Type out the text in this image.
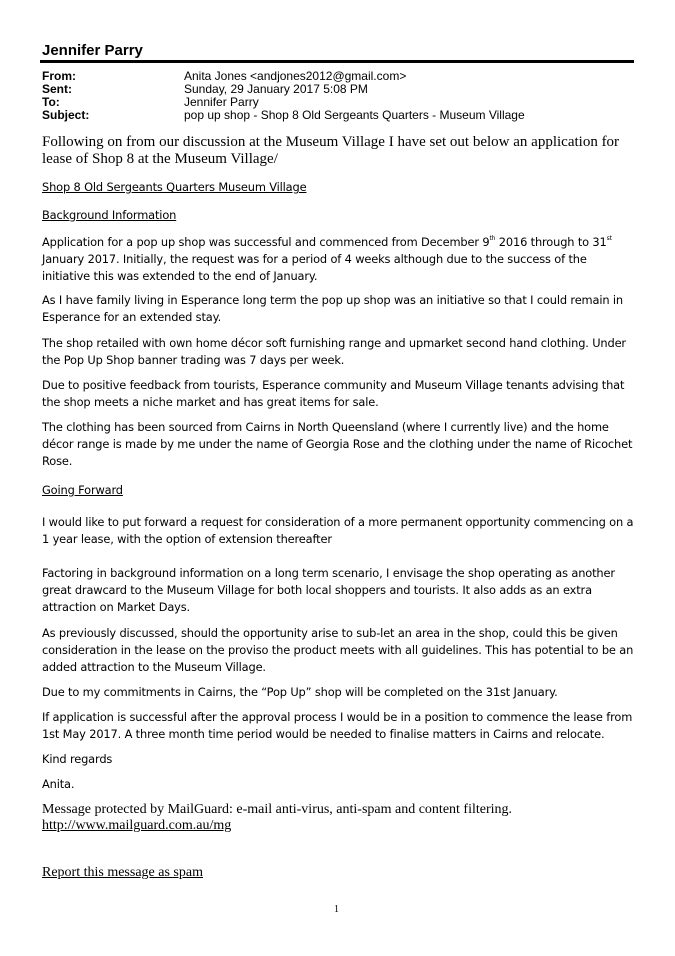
Jennifer Parry
From:	Anita Jones <andjones2012@gmail.com>
Sent:	Sunday, 29 January 2017 5:08 PM
To:	Jennifer Parry
Subject:	pop up shop - Shop 8 Old Sergeants Quarters - Museum Village

Following on from our discussion at the Museum Village I have set out below an application for lease of Shop 8 at the Museum Village/

Shop 8 Old Sergeants Quarters Museum Village

Background Information

Application for a pop up shop was successful and commenced from December 9th 2016 through to 31st January 2017. Initially, the request was for a period of 4 weeks although due to the success of the initiative this was extended to the end of January.

As I have family living in Esperance long term the pop up shop was an initiative so that I could remain in Esperance for an extended stay.

The shop retailed with own home décor soft furnishing range and upmarket second hand clothing. Under the Pop Up Shop banner trading was 7 days per week.

Due to positive feedback from tourists, Esperance community and Museum Village tenants advising that the shop meets a niche market and has great items for sale.

The clothing has been sourced from Cairns in North Queensland (where I currently live) and the home décor range is made by me under the name of Georgia Rose and the clothing under the name of Ricochet Rose.

Going Forward

I would like to put forward a request for consideration of a more permanent opportunity commencing on a 1 year lease, with the option of extension thereafter

Factoring in background information on a long term scenario, I envisage the shop operating as another great drawcard to the Museum Village for both local shoppers and tourists. It also adds as an extra attraction on Market Days.

As previously discussed, should the opportunity arise to sub-let an area in the shop, could this be given consideration in the lease on the proviso the product meets with all guidelines. This has potential to be an added attraction to the Museum Village.

Due to my commitments in Cairns, the “Pop Up” shop will be completed on the 31st January.

If application is successful after the approval process I would be in a position to commence the lease from 1st May 2017. A three month time period would be needed to finalise matters in Cairns and relocate.

Kind regards

Anita.

Message protected by MailGuard: e-mail anti-virus, anti-spam and content filtering.

http://www.mailguard.com.au/mg

Report this message as spam

1
